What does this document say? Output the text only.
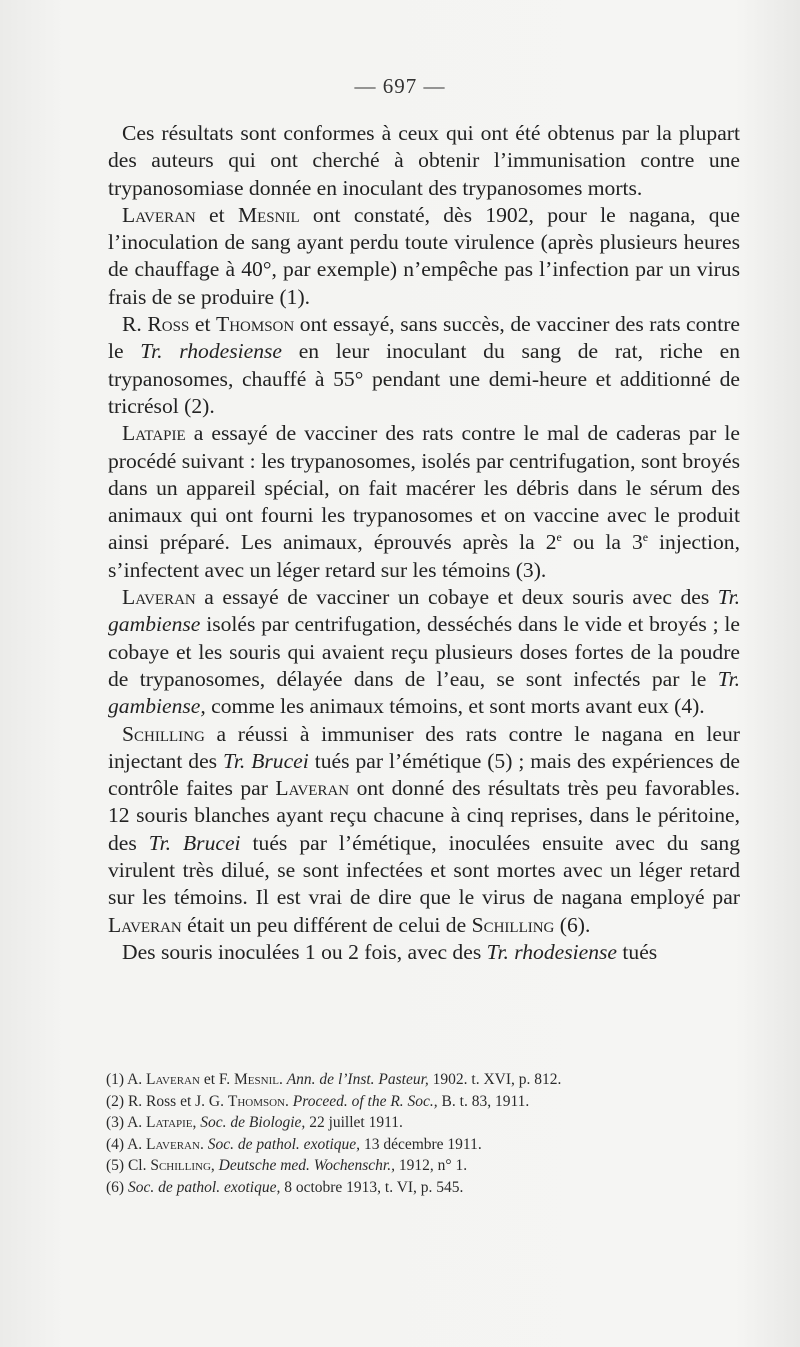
— 697 —

Ces résultats sont conformes à ceux qui ont été obtenus par la plupart des auteurs qui ont cherché à obtenir l’immunisation contre une trypanosomiase donnée en inoculant des trypanosomes morts.

Laveran et Mesnil ont constaté, dès 1902, pour le nagana, que l’inoculation de sang ayant perdu toute virulence (après plusieurs heures de chauffage à 40°, par exemple) n’empêche pas l’infection par un virus frais de se produire (1).

R. Ross et Thomson ont essayé, sans succès, de vacciner des rats contre le Tr. rhodesiense en leur inoculant du sang de rat, riche en trypanosomes, chauffé à 55° pendant une demi-heure et additionné de tricrésol (2).

Latapie a essayé de vacciner des rats contre le mal de caderas par le procédé suivant : les trypanosomes, isolés par centrifugation, sont broyés dans un appareil spécial, on fait macérer les débris dans le sérum des animaux qui ont fourni les trypanosomes et on vaccine avec le produit ainsi préparé. Les animaux, éprouvés après la 2e ou la 3e injection, s’infectent avec un léger retard sur les témoins (3).

Laveran a essayé de vacciner un cobaye et deux souris avec des Tr. gambiense isolés par centrifugation, desséchés dans le vide et broyés ; le cobaye et les souris qui avaient reçu plusieurs doses fortes de la poudre de trypanosomes, délayée dans de l’eau, se sont infectés par le Tr. gambiense, comme les animaux témoins, et sont morts avant eux (4).

Schilling a réussi à immuniser des rats contre le nagana en leur injectant des Tr. Brucei tués par l’émétique (5) ; mais des expériences de contrôle faites par Laveran ont donné des résultats très peu favorables. 12 souris blanches ayant reçu chacune à cinq reprises, dans le péritoine, des Tr. Brucei tués par l’émétique, inoculées ensuite avec du sang virulent très dilué, se sont infectées et sont mortes avec un léger retard sur les témoins. Il est vrai de dire que le virus de nagana employé par Laveran était un peu différent de celui de Schilling (6).

Des souris inoculées 1 ou 2 fois, avec des Tr. rhodesiense tués

(1) A. Laveran et F. Mesnil. Ann. de l’Inst. Pasteur, 1902. t. XVI, p. 812.
(2) R. Ross et J. G. Thomson. Proceed. of the R. Soc., B. t. 83, 1911.
(3) A. Latapie, Soc. de Biologie, 22 juillet 1911.
(4) A. Laveran. Soc. de pathol. exotique, 13 décembre 1911.
(5) Cl. Schilling, Deutsche med. Wochenschr., 1912, n° 1.
(6) Soc. de pathol. exotique, 8 octobre 1913, t. VI, p. 545.
